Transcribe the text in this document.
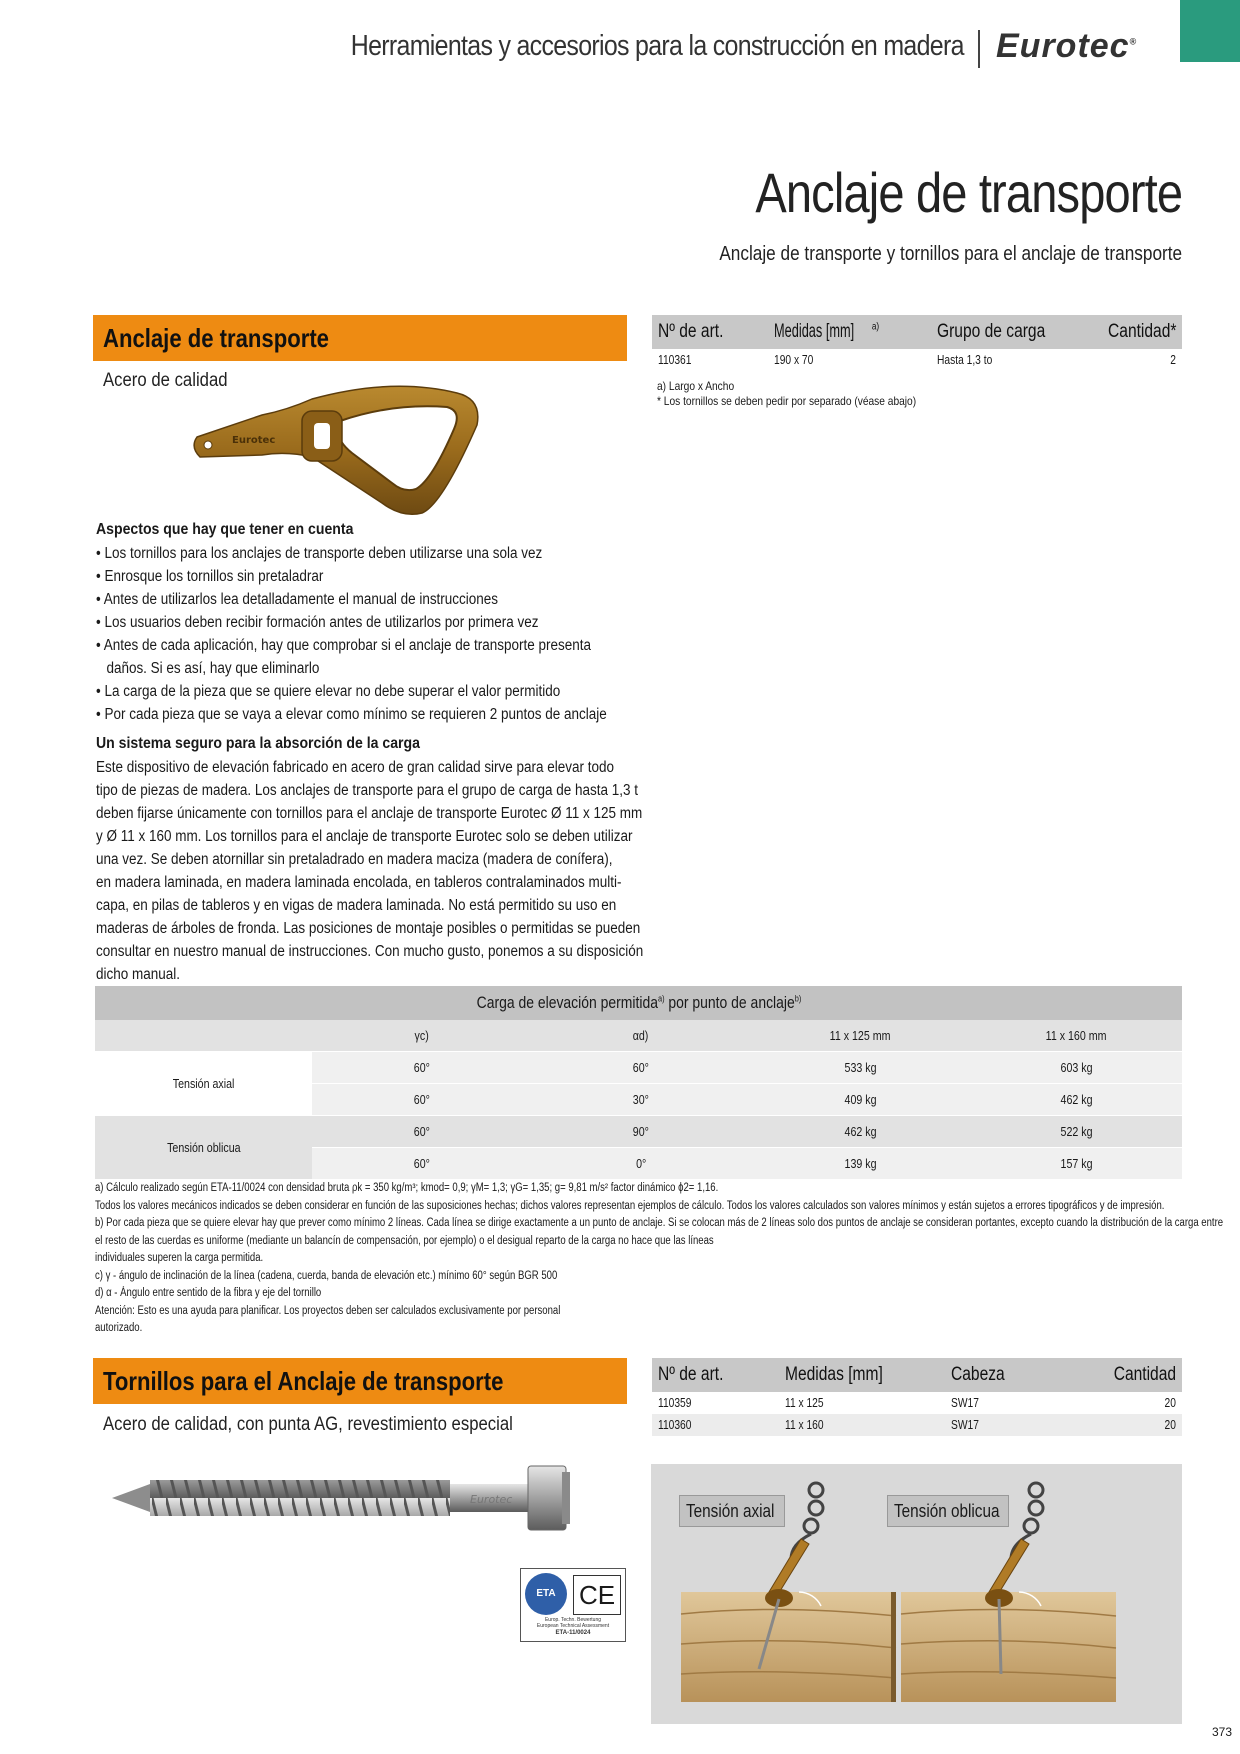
Herramientas y accesorios para la construcción en madera Eurotec®
Anclaje de transporte
Anclaje de transporte y tornillos para el anclaje de transporte
Anclaje de transporte
Acero de calidad
Eurotec
Nº de art.	Medidas [mm] $^{a)}$	Grupo de carga	Cantidad*
110361	190 x 70	Hasta 1,3 to	2
a) Largo x Ancho
* Los tornillos se deben pedir por separado (véase abajo)
Aspectos que hay que tener en cuenta
• Los tornillos para los anclajes de transporte deben utilizarse una sola vez
• Enrosque los tornillos sin pretaladrar
• Antes de utilizarlos lea detalladamente el manual de instrucciones
• Los usuarios deben recibir formación antes de utilizarlos por primera vez
• Antes de cada aplicación, hay que comprobar si el anclaje de transporte presenta
daños. Si es así, hay que eliminarlo
• La carga de la pieza que se quiere elevar no debe superar el valor permitido
• Por cada pieza que se vaya a elevar como mínimo se requieren 2 puntos de anclaje
Un sistema seguro para la absorción de la carga
Este dispositivo de elevación fabricado en acero de gran calidad sirve para elevar todo
tipo de piezas de madera. Los anclajes de transporte para el grupo de carga de hasta 1,3 t
deben fijarse únicamente con tornillos para el anclaje de transporte Eurotec Ø 11 x 125 mm
y Ø 11 x 160 mm. Los tornillos para el anclaje de transporte Eurotec solo se deben utilizar
una vez. Se deben atornillar sin pretaladrado en madera maciza (madera de conífera),
en madera laminada, en madera laminada encolada, en tableros contralaminados multi-
capa, en pilas de tableros y en vigas de madera laminada. No está permitido su uso en
maderas de árboles de fronda. Las posiciones de montaje posibles o permitidas se pueden
consultar en nuestro manual de instrucciones. Con mucho gusto, ponemos a su disposición
dicho manual.
Carga de elevación permitida$^{a)}$ por punto de anclaje$^{b)}$
	γc)	αd)	11 x 125 mm	11 x 160 mm
Tensión axial	60°	60°	533 kg	603 kg
	60°	30°	409 kg	462 kg
Tensión oblicua	60°	90°	462 kg	522 kg
	60°	0°	139 kg	157 kg
a) Cálculo realizado según ETA-11/0024 con densidad bruta ρk = 350 kg/m³; kmod= 0,9; γM= 1,3; γG= 1,35; g= 9,81 m/s² factor dinámico ϕ2= 1,16.
Todos los valores mecánicos indicados se deben considerar en función de las suposiciones hechas; dichos valores representan ejemplos de cálculo. Todos los valores calculados son valores mínimos y están sujetos a errores tipográficos y de impresión.
b) Por cada pieza que se quiere elevar hay que prever como mínimo 2 líneas. Cada línea se dirige exactamente a un punto de anclaje. Si se colocan más de 2 líneas solo dos puntos de anclaje se consideran portantes, excepto cuando la distribución de la carga entre
el resto de las cuerdas es uniforme (mediante un balancín de compensación, por ejemplo) o el desigual reparto de la carga no hace que las líneas
individuales superen la carga permitida.
c) γ - ángulo de inclinación de la línea (cadena, cuerda, banda de elevación etc.) mínimo 60° según BGR 500
d) α - Ángulo entre sentido de la fibra y eje del tornillo
Atención: Esto es una ayuda para planificar. Los proyectos deben ser calculados exclusivamente por personal
autorizado.
Tornillos para el Anclaje de transporte
Acero de calidad, con punta AG, revestimiento especial
Nº de art.	Medidas [mm]	Cabeza	Cantidad
110359	11 x 125	SW17	20
110360	11 x 160	SW17	20
Eurotec
ETA CE
Europ. Techn. Bewertung
European Technical Assessment
ETA-11/0024
Tensión axial	Tensión oblicua
373
